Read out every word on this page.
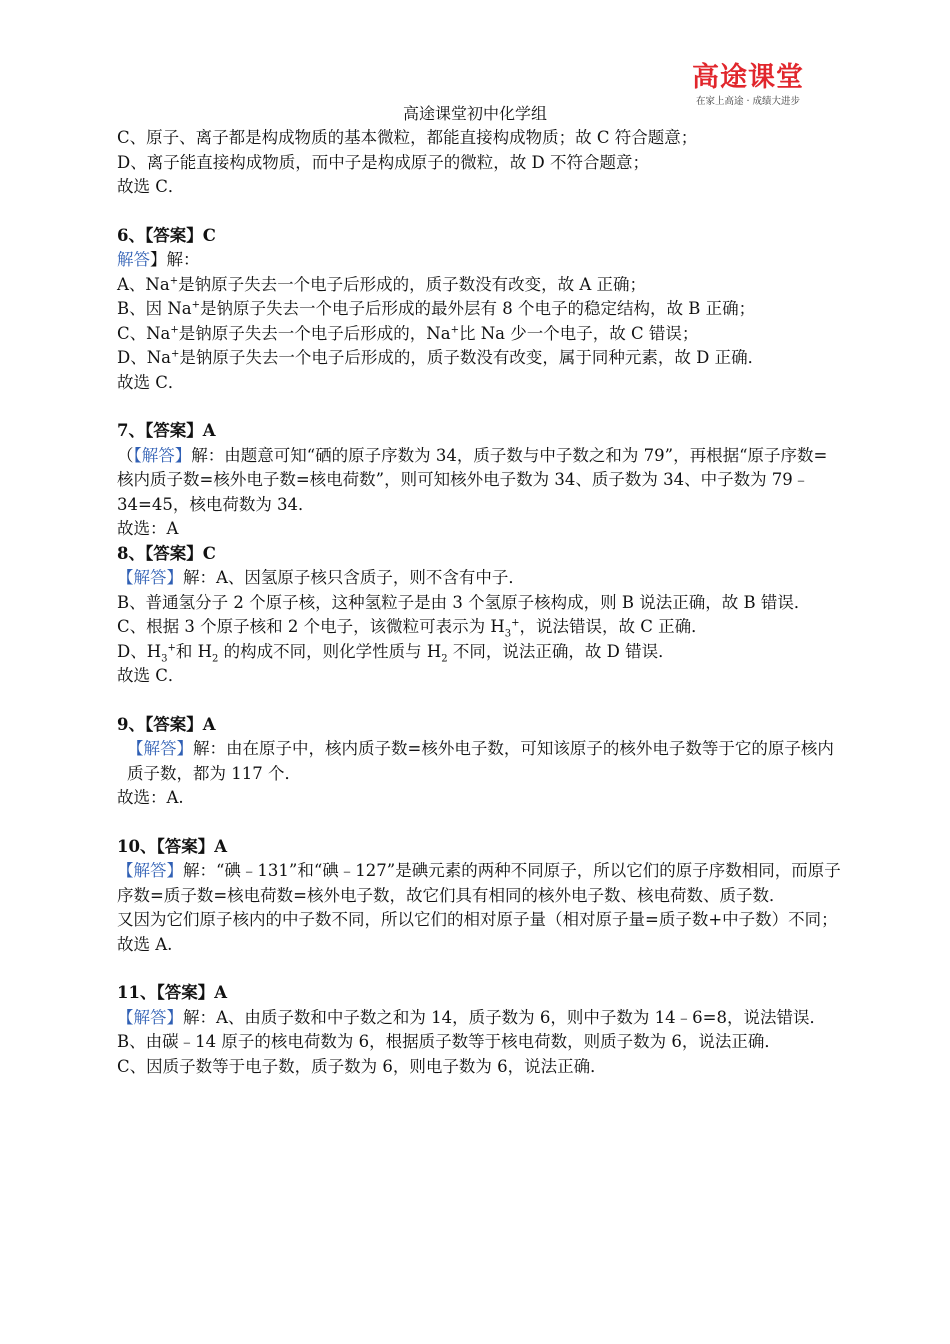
高途课堂
在家上高途 · 成绩大进步
高途课堂初中化学组
C、原子、离子都是构成物质的基本微粒，都能直接构成物质；故 C 符合题意；
D、离子能直接构成物质，而中子是构成原子的微粒，故 D 不符合题意；
故选 C．
6、【答案】C
解答】解：
A、Na+是钠原子失去一个电子后形成的，质子数没有改变，故 A 正确；
B、因 Na+是钠原子失去一个电子后形成的最外层有 8 个电子的稳定结构，故 B 正确；
C、Na+是钠原子失去一个电子后形成的，Na+比 Na 少一个电子，故 C 错误；
D、Na+是钠原子失去一个电子后形成的，质子数没有改变，属于同种元素，故 D 正确．
故选 C．
7、【答案】A
（【解答】解：由题意可知“硒的原子序数为 34，质子数与中子数之和为 79”，再根据“原子序数=核内质子数=核外电子数=核电荷数”，则可知核外电子数为 34、质子数为 34、中子数为 79﹣34=45，核电荷数为 34．
故选：A
8、【答案】C
【解答】解：A、因氢原子核只含质子，则不含有中子．
B、普通氢分子 2 个原子核，这种氢粒子是由 3 个氢原子核构成，则 B 说法正确，故 B 错误．
C、根据 3 个原子核和 2 个电子，该微粒可表示为 $H_3^+$，说法错误，故 C 正确．
D、$H_3^+$和 $H_2$ 的构成不同，则化学性质与 $H_2$ 不同，说法正确，故 D 错误．
故选 C．
9、【答案】A
【解答】解：由在原子中，核内质子数=核外电子数，可知该原子的核外电子数等于它的原子核内质子数，都为 117 个．
故选：A.
10、【答案】A
【解答】解：“碘﹣131”和“碘﹣127”是碘元素的两种不同原子，所以它们的原子序数相同，而原子序数=质子数=核电荷数=核外电子数，故它们具有相同的核外电子数、核电荷数、质子数．
又因为它们原子核内的中子数不同，所以它们的相对原子量（相对原子量=质子数+中子数）不同；
故选 A.
11、【答案】A
【解答】解：A、由质子数和中子数之和为 14，质子数为 6，则中子数为 14﹣6=8，说法错误．
B、由碳﹣14 原子的核电荷数为 6，根据质子数等于核电荷数，则质子数为 6，说法正确．
C、因质子数等于电子数，质子数为 6，则电子数为 6，说法正确．
